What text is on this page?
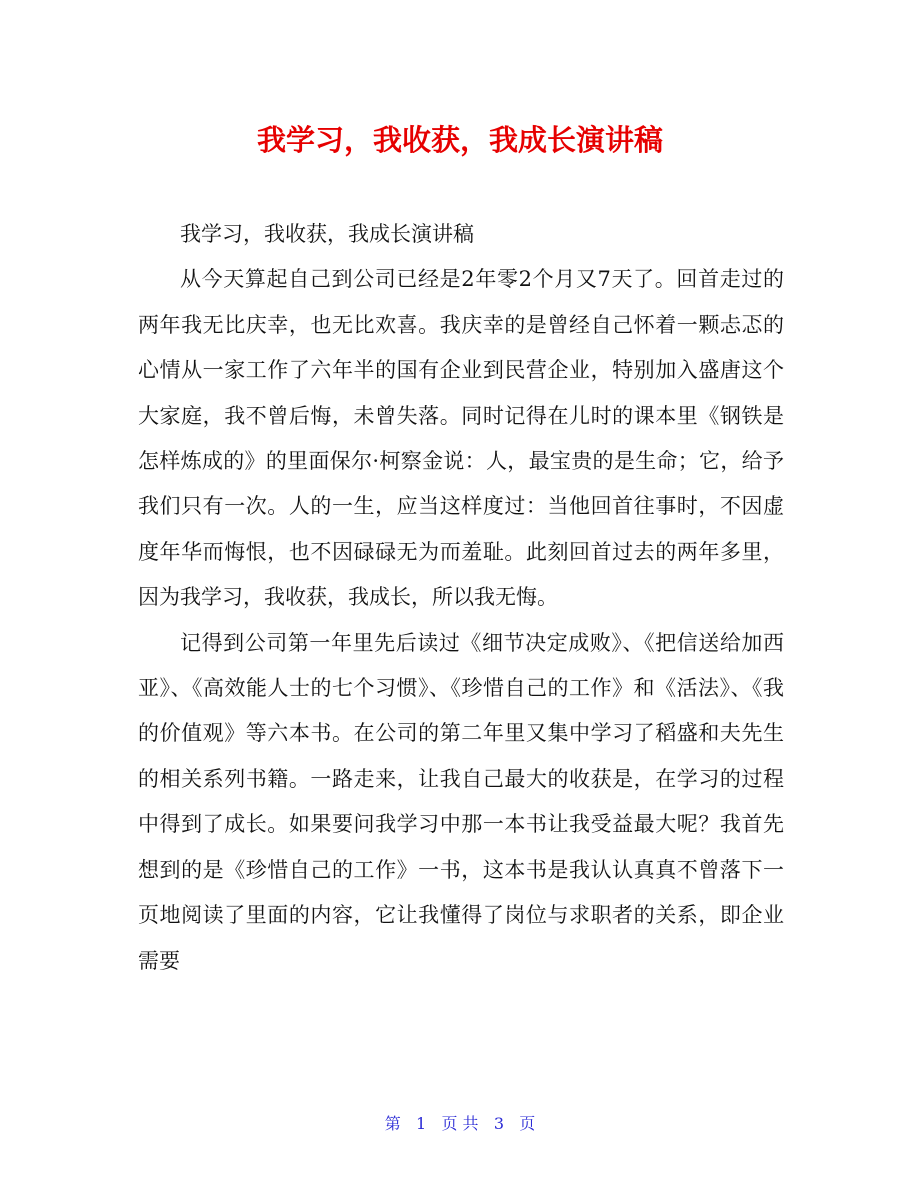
我学习，我收获，我成长演讲稿

我学习，我收获，我成长演讲稿

从今天算起自己到公司已经是2年零2个月又7天了。回首走过的两年我无比庆幸，也无比欢喜。我庆幸的是曾经自己怀着一颗忐忑的心情从一家工作了六年半的国有企业到民营企业，特别加入盛唐这个大家庭，我不曾后悔，未曾失落。同时记得在儿时的课本里《钢铁是怎样炼成的》的里面保尔·柯察金说：人，最宝贵的是生命；它，给予我们只有一次。人的一生，应当这样度过：当他回首往事时，不因虚度年华而悔恨，也不因碌碌无为而羞耻。此刻回首过去的两年多里，因为我学习，我收获，我成长，所以我无悔。

记得到公司第一年里先后读过《细节决定成败》、《把信送给加西亚》、《高效能人士的七个习惯》、《珍惜自己的工作》和《活法》、《我的价值观》等六本书。在公司的第二年里又集中学习了稻盛和夫先生的相关系列书籍。一路走来，让我自己最大的收获是，在学习的过程中得到了成长。如果要问我学习中那一本书让我受益最大呢？我首先想到的是《珍惜自己的工作》一书，这本书是我认认真真不曾落下一页地阅读了里面的内容，它让我懂得了岗位与求职者的关系，即企业需要

第 1 页 共 3 页
